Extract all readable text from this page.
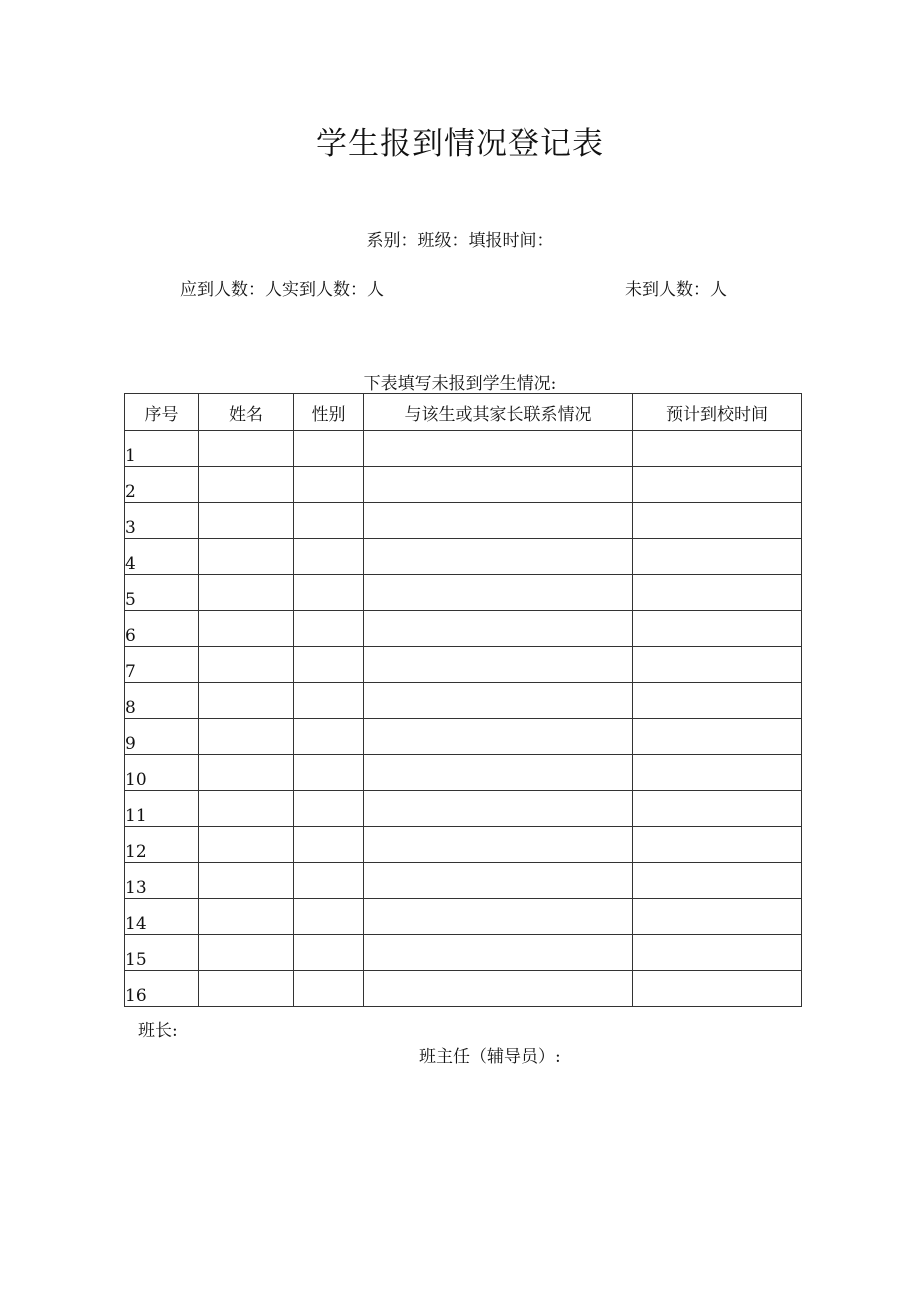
学生报到情况登记表
系别：班级：填报时间：
应到人数：人实到人数：人	未到人数：人
下表填写未报到学生情况:
序号	姓名	性别	与该生或其家长联系情况	预计到校时间
1				
2				
3				
4				
5				
6				
7				
8				
9				
10				
11				
12				
13				
14				
15				
16				
班长:
班主任（辅导员）:
